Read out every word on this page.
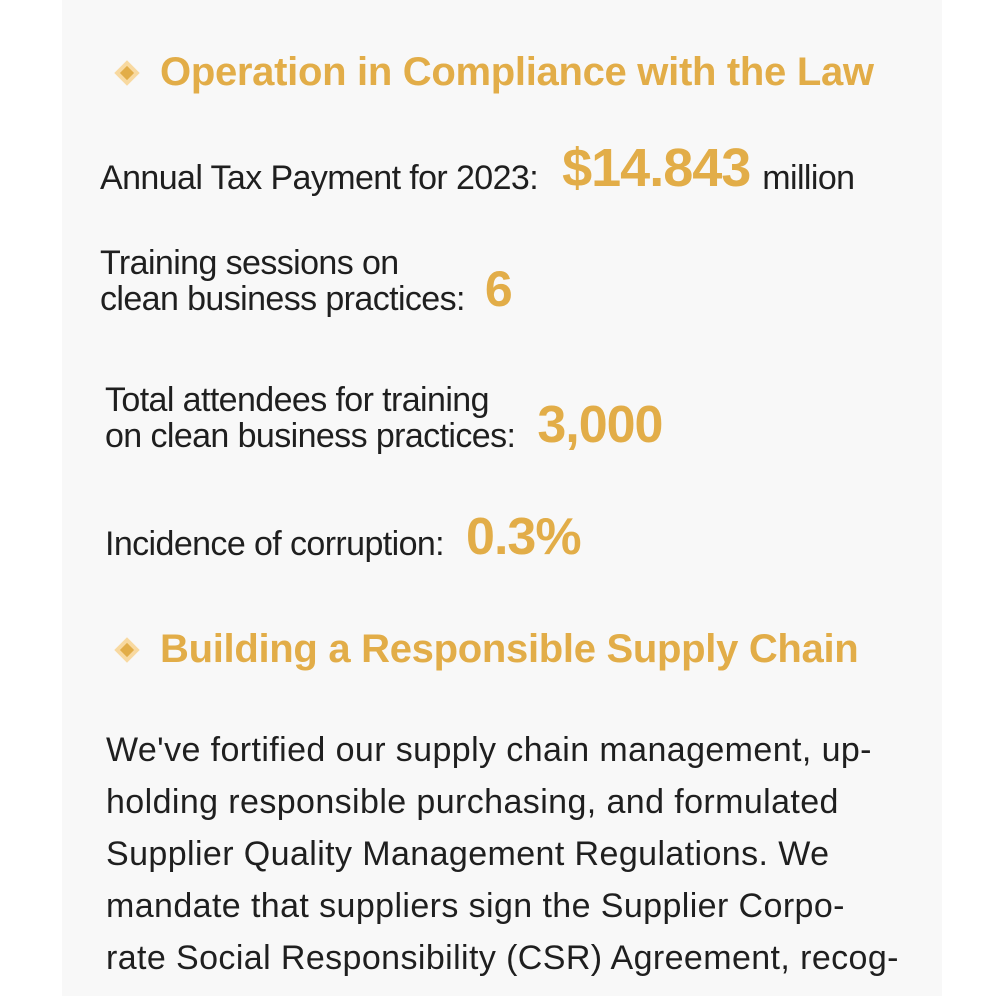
Operation in Compliance with the Law
Annual Tax Payment for 2023: $14.843 million
Training sessions on
clean business practices: 6
Total attendees for training
on clean business practices: 3,000
Incidence of corruption: 0.3%
Building a Responsible Supply Chain
We've fortified our supply chain management, up-
holding responsible purchasing, and formulated
Supplier Quality Management Regulations. We
mandate that suppliers sign the Supplier Corpo-
rate Social Responsibility (CSR) Agreement, recog-
